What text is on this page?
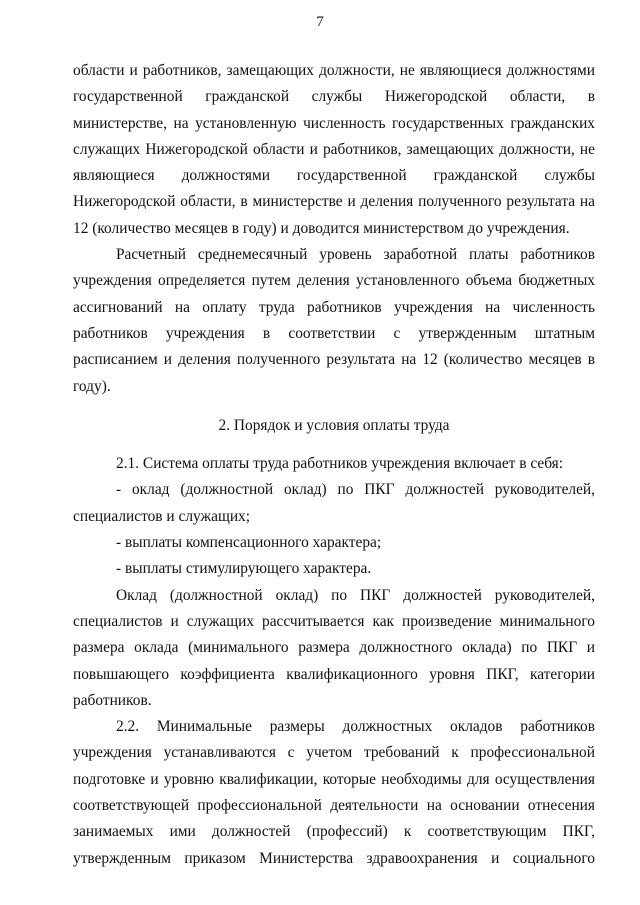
7

области и работников, замещающих должности, не являющиеся должностями государственной гражданской службы Нижегородской области, в министерстве, на установленную численность государственных гражданских служащих Нижегородской области и работников, замещающих должности, не являющиеся должностями государственной гражданской службы Нижегородской области, в министерстве и деления полученного результата на 12 (количество месяцев в году) и доводится министерством до учреждения.

Расчетный среднемесячный уровень заработной платы работников учреждения определяется путем деления установленного объема бюджетных ассигнований на оплату труда работников учреждения на численность работников учреждения в соответствии с утвержденным штатным расписанием и деления полученного результата на 12 (количество месяцев в году).

2. Порядок и условия оплаты труда

2.1. Система оплаты труда работников учреждения включает в себя:

- оклад (должностной оклад) по ПКГ должностей руководителей, специалистов и служащих;

- выплаты компенсационного характера;

- выплаты стимулирующего характера.

Оклад (должностной оклад) по ПКГ должностей руководителей, специалистов и служащих рассчитывается как произведение минимального размера оклада (минимального размера должностного оклада) по ПКГ и повышающего коэффициента квалификационного уровня ПКГ, категории работников.

2.2. Минимальные размеры должностных окладов работников учреждения устанавливаются с учетом требований к профессиональной подготовке и уровню квалификации, которые необходимы для осуществления соответствующей профессиональной деятельности на основании отнесения занимаемых ими должностей (профессий) к соответствующим ПКГ, утвержденным приказом Министерства здравоохранения и социального
